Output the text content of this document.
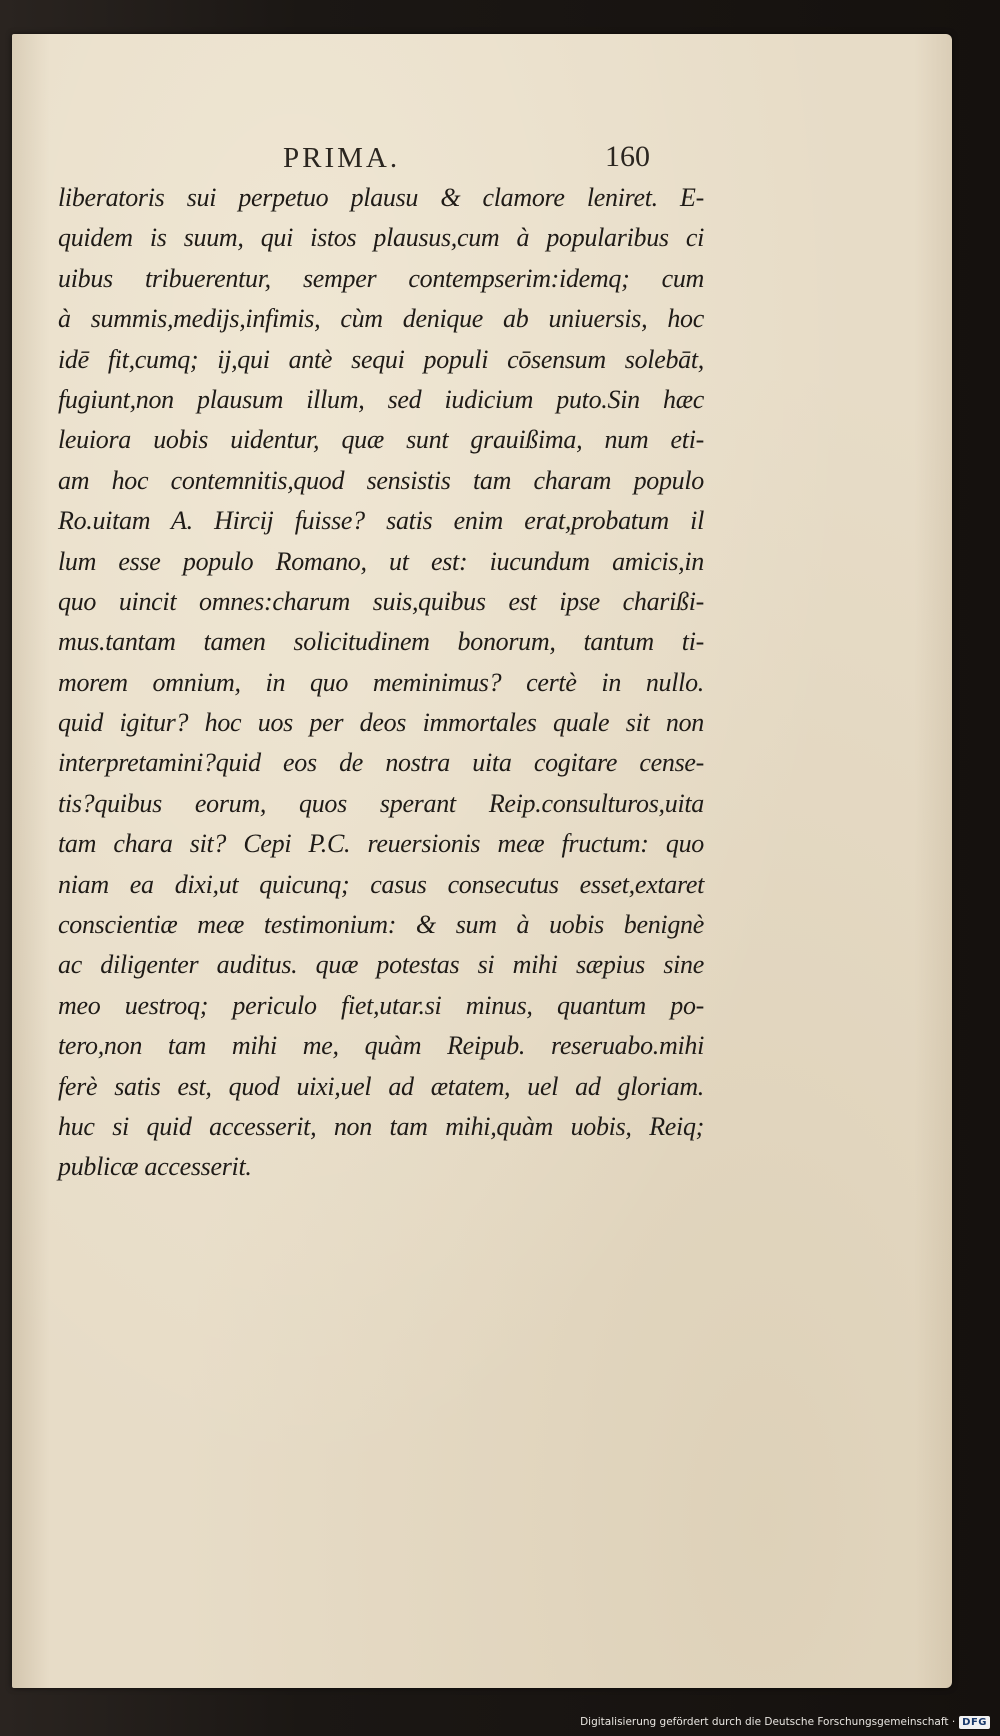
PRIMA.	160
liberatoris sui perpetuo plausu & clamore leniret. E-
quidem is suum, qui istos plausus,cum à popularibus ci
uibus tribuerentur, semper contempserim:idemq; cum
à summis,medijs,infimis, cùm denique ab uniuersis, hoc
idē fit,cumq; ij,qui antè sequi populi cōsensum solebāt,
fugiunt,non plausum illum, sed iudicium puto.Sin hæc
leuiora uobis uidentur, quæ sunt grauißima, num eti-
am hoc contemnitis,quod sensistis tam charam populo
Ro.uitam A. Hircij fuisse? satis enim erat,probatum il
lum esse populo Romano, ut est: iucundum amicis,in
quo uincit omnes:charum suis,quibus est ipse charißi-
mus.tantam tamen solicitudinem bonorum, tantum ti-
morem omnium, in quo meminimus? certè in nullo.
quid igitur? hoc uos per deos immortales quale sit non
interpretamini?quid eos de nostra uita cogitare cense-
tis?quibus eorum, quos sperant Reip.consulturos,uita
tam chara sit? Cepi P.C. reuersionis meæ fructum: quo
niam ea dixi,ut quicunq; casus consecutus esset,extaret
conscientiæ meæ testimonium: & sum à uobis benignè
ac diligenter auditus. quæ potestas si mihi sæpius sine
meo uestroq; periculo fiet,utar.si minus, quantum po-
tero,non tam mihi me, quàm Reipub. reseruabo.mihi
ferè satis est, quod uixi,uel ad ætatem, uel ad gloriam.
huc si quid accesserit, non tam mihi,quàm uobis, Reiq;
publicæ accesserit.
Digitalisierung gefördert durch die Deutsche Forschungsgemeinschaft · DFG
